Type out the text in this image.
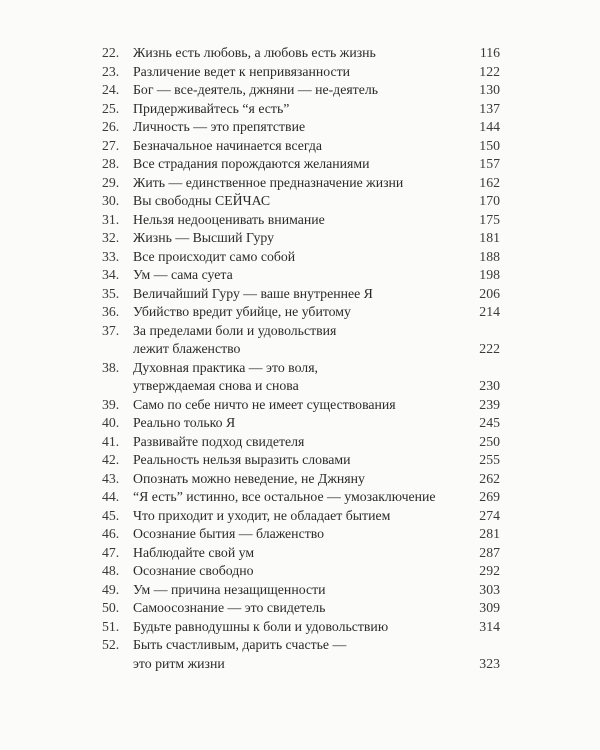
22. Жизнь есть любовь, а любовь есть жизнь	116
23. Различение ведет к непривязанности	122
24. Бог — все-деятель, джняни — не-деятель	130
25. Придерживайтесь “я есть”	137
26. Личность — это препятствие	144
27. Безначальное начинается всегда	150
28. Все страдания порождаются желаниями	157
29. Жить — единственное предназначение жизни	162
30. Вы свободны СЕЙЧАС	170
31. Нельзя недооценивать внимание	175
32. Жизнь — Высший Гуру	181
33. Все происходит само собой	188
34. Ум — сама суета	198
35. Величайший Гуру — ваше внутреннее Я	206
36. Убийство вредит убийце, не убитому	214
37. За пределами боли и удовольствия
лежит блаженство	222
38. Духовная практика — это воля,
утверждаемая снова и снова	230
39. Само по себе ничто не имеет существования	239
40. Реально только Я	245
41. Развивайте подход свидетеля	250
42. Реальность нельзя выразить словами	255
43. Опознать можно неведение, не Джняну	262
44. “Я есть” истинно, все остальное — умозаключение	269
45. Что приходит и уходит, не обладает бытием	274
46. Осознание бытия — блаженство	281
47. Наблюдайте свой ум	287
48. Осознание свободно	292
49. Ум — причина незащищенности	303
50. Самоосознание — это свидетель	309
51. Будьте равнодушны к боли и удовольствию	314
52. Быть счастливым, дарить счастье —
это ритм жизни	323
